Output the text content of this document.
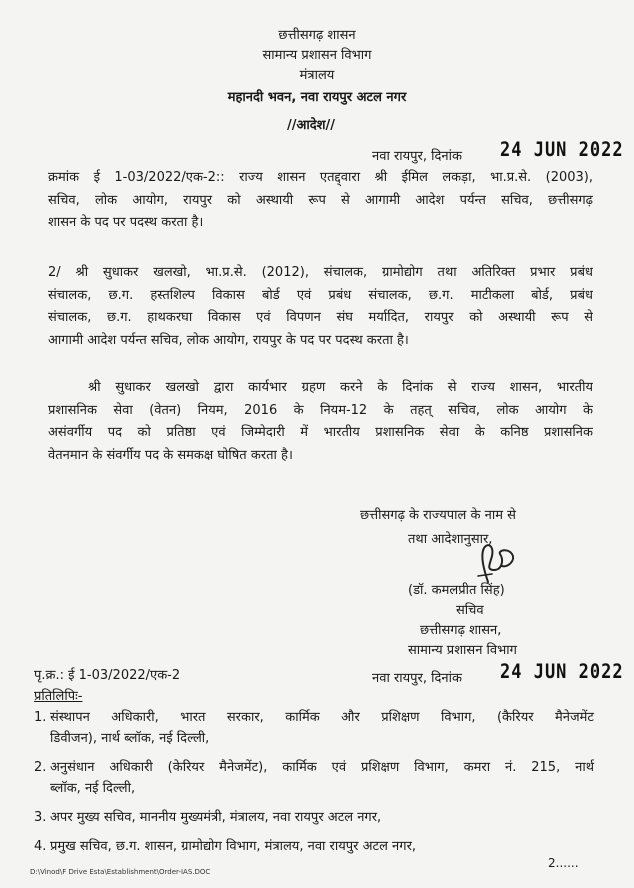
छत्तीसगढ़ शासन
सामान्य प्रशासन विभाग
मंत्रालय
महानदी भवन, नवा रायपुर अटल नगर
//आदेश//
नवा रायपुर, दिनांक 24 JUN 2022
क्रमांक ई 1-03/2022/एक-2:: राज्य शासन एतद्द्वारा श्री ईमिल लकड़ा, भा.प्र.से. (2003),
सचिव, लोक आयोग, रायपुर को अस्थायी रूप से आगामी आदेश पर्यन्त सचिव, छत्तीसगढ़
शासन के पद पर पदस्थ करता है।
2/ श्री सुधाकर खलखो, भा.प्र.से. (2012), संचालक, ग्रामोद्योग तथा अतिरिक्त प्रभार प्रबंध
संचालक, छ.ग. हस्तशिल्प विकास बोर्ड एवं प्रबंध संचालक, छ.ग. माटीकला बोर्ड, प्रबंध
संचालक, छ.ग. हाथकरघा विकास एवं विपणन संघ मर्यादित, रायपुर को अस्थायी रूप से
आगामी आदेश पर्यन्त सचिव, लोक आयोग, रायपुर के पद पर पदस्थ करता है।
श्री सुधाकर खलखो द्वारा कार्यभार ग्रहण करने के दिनांक से राज्य शासन, भारतीय
प्रशासनिक सेवा (वेतन) नियम, 2016 के नियम-12 के तहत् सचिव, लोक आयोग के
असंवर्गीय पद को प्रतिष्ठा एवं जिम्मेदारी में भारतीय प्रशासनिक सेवा के कनिष्ठ प्रशासनिक
वेतनमान के संवर्गीय पद के समकक्ष घोषित करता है।
छत्तीसगढ़ के राज्यपाल के नाम से
तथा आदेशानुसार,
(डॉ. कमलप्रीत सिंह)
सचिव
छत्तीसगढ़ शासन,
सामान्य प्रशासन विभाग
पृ.क्र.: ई 1-03/2022/एक-2	नवा रायपुर, दिनांक 24 JUN 2022
प्रतिलिपिः-
1. संस्थापन अधिकारी, भारत सरकार, कार्मिक और प्रशिक्षण विभाग, (कैरियर मैनेजमेंट
डिवीजन), नार्थ ब्लॉक, नई दिल्ली,
2. अनुसंधान अधिकारी (केरियर मैनेजमेंट), कार्मिक एवं प्रशिक्षण विभाग, कमरा नं. 215, नार्थ
ब्लॉक, नई दिल्ली,
3. अपर मुख्य सचिव, माननीय मुख्यमंत्री, मंत्रालय, नवा रायपुर अटल नगर,
4. प्रमुख सचिव, छ.ग. शासन, ग्रामोद्योग विभाग, मंत्रालय, नवा रायपुर अटल नगर,
2......
D:\Vinod\F Drive Esta\Establishment\Order-IAS.DOC
